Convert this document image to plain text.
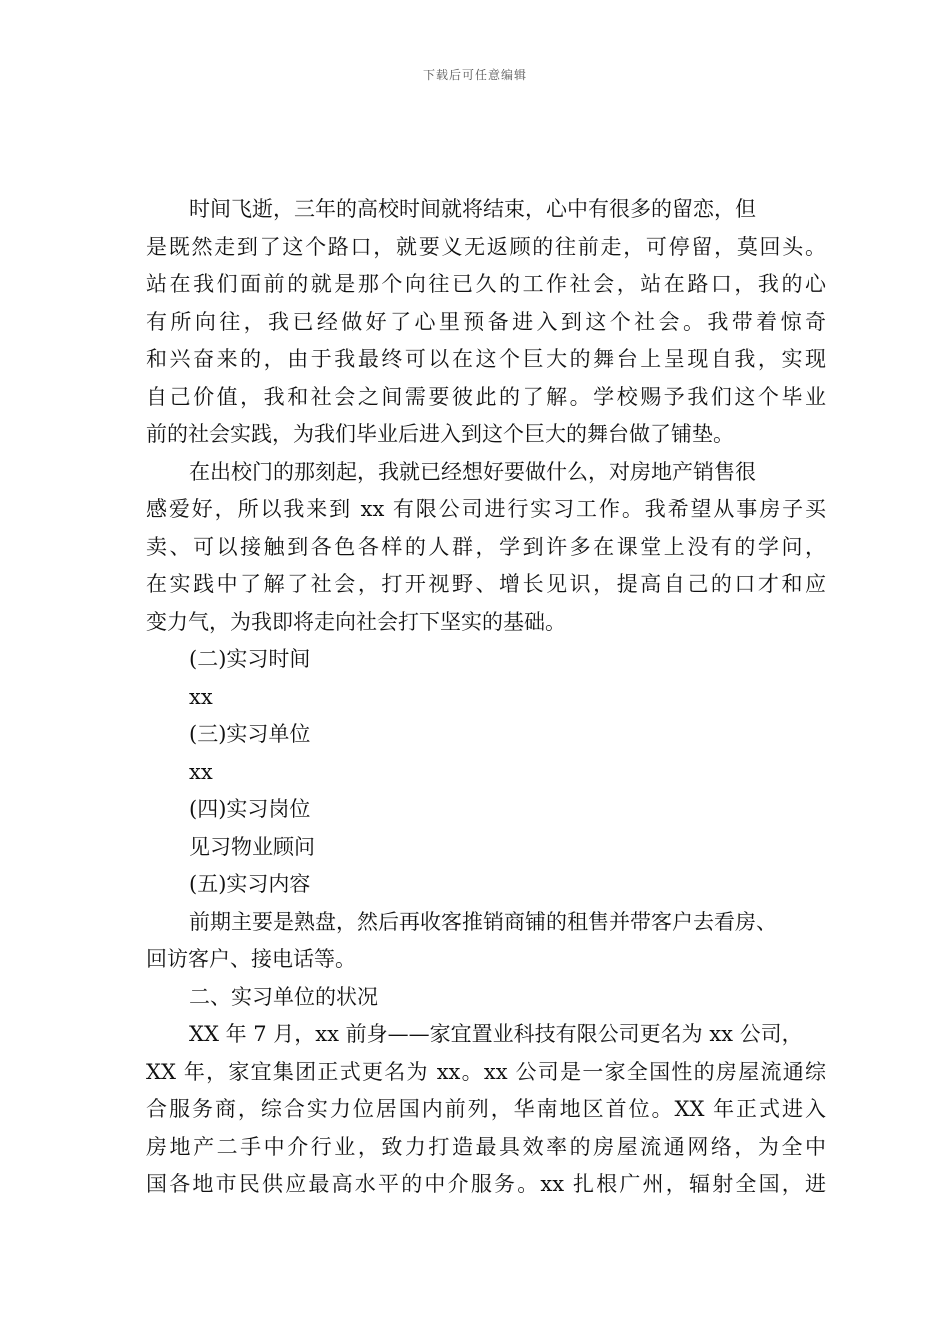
下载后可任意编辑
时间飞逝，三年的高校时间就将结束，心中有很多的留恋，但
是既然走到了这个路口，就要义无返顾的往前走，可停留，莫回头。
站在我们面前的就是那个向往已久的工作社会，站在路口，我的心
有所向往，我已经做好了心里预备进入到这个社会。我带着惊奇
和兴奋来的，由于我最终可以在这个巨大的舞台上呈现自我，实现
自己价值，我和社会之间需要彼此的了解。学校赐予我们这个毕业
前的社会实践，为我们毕业后进入到这个巨大的舞台做了铺垫。
在出校门的那刻起，我就已经想好要做什么，对房地产销售很
感爱好，所以我来到 xx 有限公司进行实习工作。我希望从事房子买
卖、可以接触到各色各样的人群，学到许多在课堂上没有的学问，
在实践中了解了社会，打开视野、增长见识，提高自己的口才和应
变力气，为我即将走向社会打下坚实的基础。
(二)实习时间
xx
(三)实习单位
xx
(四)实习岗位
见习物业顾问
(五)实习内容
前期主要是熟盘，然后再收客推销商铺的租售并带客户去看房、
回访客户、接电话等。
二、实习单位的状况
XX 年 7 月，xx 前身——家宜置业科技有限公司更名为 xx 公司，
XX 年，家宜集团正式更名为 xx。xx 公司是一家全国性的房屋流通综
合服务商，综合实力位居国内前列，华南地区首位。XX 年正式进入
房地产二手中介行业，致力打造最具效率的房屋流通网络，为全中
国各地市民供应最高水平的中介服务。xx 扎根广州，辐射全国，进
